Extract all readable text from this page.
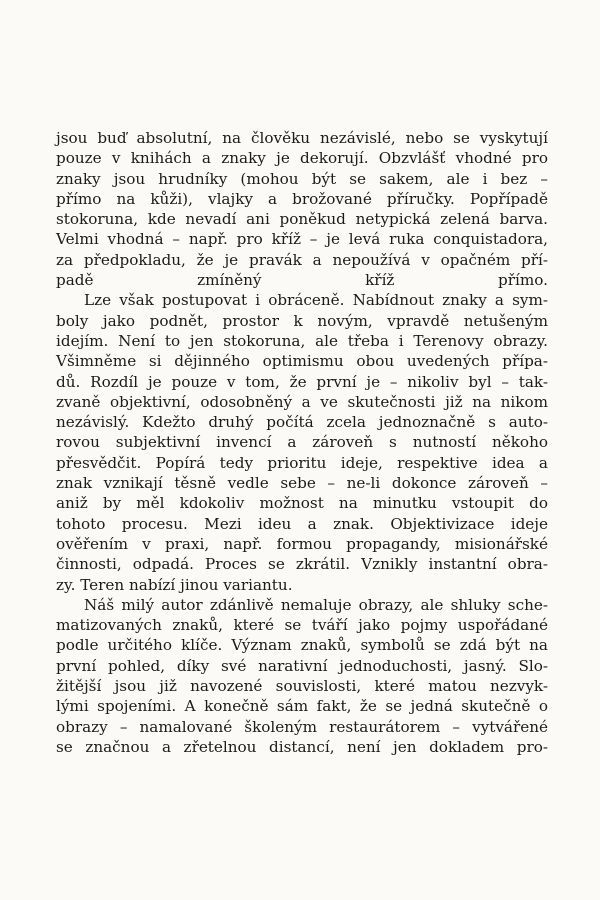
jsou buď absolutní, na člověku nezávislé, nebo se vyskytují
pouze v knihách a znaky je dekorují. Obzvlášť vhodné pro
znaky jsou hrudníky (mohou být se sakem, ale i bez –
přímo na kůži), vlajky a brožované příručky. Popřípadě
stokoruna, kde nevadí ani poněkud netypická zelená barva.
Velmi vhodná – např. pro kříž – je levá ruka conquistadora,
za předpokladu, že je pravák a nepoužívá v opačném pří-
padě zmíněný kříž přímo.
Lze však postupovat i obráceně. Nabídnout znaky a sym-
boly jako podnět, prostor k novým, vpravdě netušeným
idejím. Není to jen stokoruna, ale třeba i Terenovy obrazy.
Všimněme si dějinného optimismu obou uvedených přípa-
dů. Rozdíl je pouze v tom, že první je – nikoliv byl – tak-
zvaně objektivní, odosobněný a ve skutečnosti již na nikom
nezávislý. Kdežto druhý počítá zcela jednoznačně s auto-
rovou subjektivní invencí a zároveň s nutností někoho
přesvědčit. Popírá tedy prioritu ideje, respektive idea a
znak vznikají těsně vedle sebe – ne-li dokonce zároveň –
aniž by měl kdokoliv možnost na minutku vstoupit do
tohoto procesu. Mezi ideu a znak. Objektivizace ideje
ověřením v praxi, např. formou propagandy, misionářské
činnosti, odpadá. Proces se zkrátil. Vznikly instantní obra-
zy. Teren nabízí jinou variantu.
Náš milý autor zdánlivě nemaluje obrazy, ale shluky sche-
matizovaných znaků, které se tváří jako pojmy uspořádané
podle určitého klíče. Význam znaků, symbolů se zdá být na
první pohled, díky své narativní jednoduchosti, jasný. Slo-
žitější jsou již navozené souvislosti, které matou nezvyk-
lými spojeními. A konečně sám fakt, že se jedná skutečně o
obrazy – namalované školeným restaurátorem – vytvářené
se značnou a zřetelnou distancí, není jen dokladem pro-
